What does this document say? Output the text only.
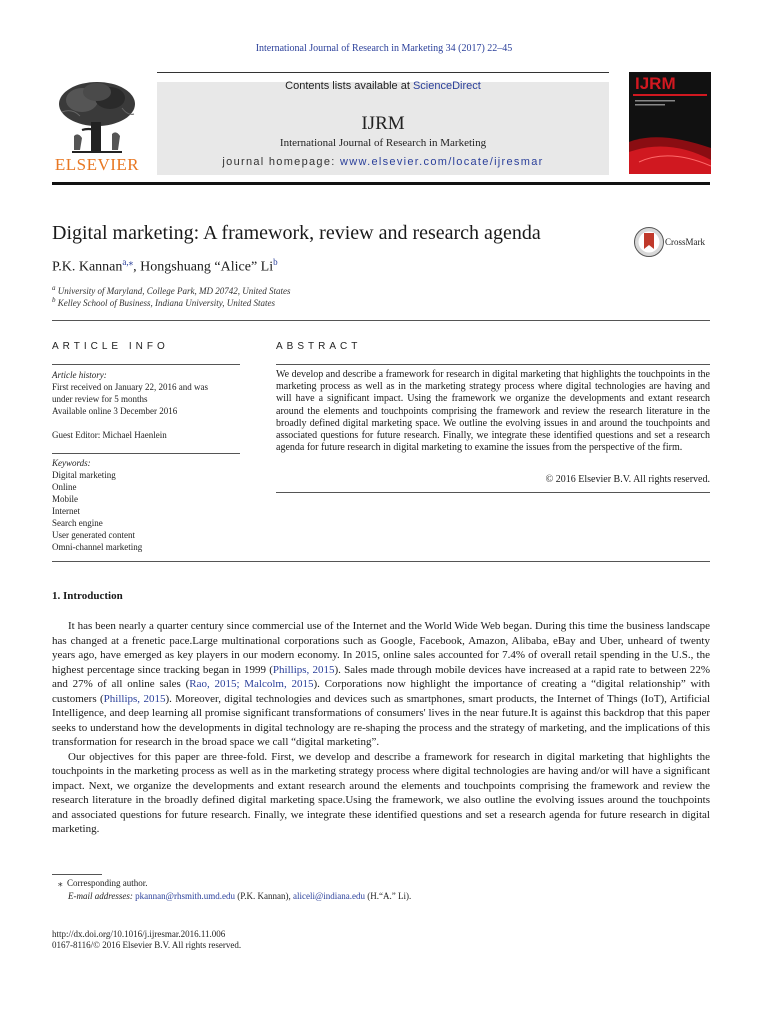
International Journal of Research in Marketing 34 (2017) 22–45
ELSEVIER
Contents lists available at ScienceDirect
IJRM
International Journal of Research in Marketing
journal homepage: www.elsevier.com/locate/ijresmar
IJRM
Digital marketing: A framework, review and research agenda	CrossMark
P.K. Kannan$^{a,⁎}$, Hongshuang “Alice” Li$^b$
$^a$ University of Maryland, College Park, MD 20742, United States
$^b$ Kelley School of Business, Indiana University, United States
ARTICLE INFO
Article history:
First received on January 22, 2016 and was
under review for 5 months
Available online 3 December 2016
Guest Editor: Michael Haenlein
Keywords:
Digital marketing
Online
Mobile
Internet
Search engine
User generated content
Omni-channel marketing
ABSTRACT
We develop and describe a framework for research in digital marketing that highlights the touchpoints in the marketing process as well as in the marketing strategy process where digital technologies are having and will have a significant impact. Using the framework we organize the developments and extant research around the elements and touchpoints comprising the framework and review the research literature in the broadly defined digital marketing space. We outline the evolving issues in and around the touchpoints and associated questions for future research. Finally, we integrate these identified questions and set a research agenda for future research in digital marketing to examine the issues from the perspective of the firm.
© 2016 Elsevier B.V. All rights reserved.
1. Introduction

It has been nearly a quarter century since commercial use of the Internet and the World Wide Web began. During this time the business landscape has changed at a frenetic pace.Large multinational corporations such as Google, Facebook, Amazon, Alibaba, eBay and Uber, unheard of twenty years ago, have emerged as key players in our modern economy. In 2015, online sales accounted for 7.4% of overall retail spending in the U.S., the highest percentage since tracking began in 1999 (Phillips, 2015). Sales made through mobile devices have increased at a rapid rate to between 22% and 27% of all online sales (Rao, 2015; Malcolm, 2015). Corporations now highlight the importance of creating a “digital relationship” with customers (Phillips, 2015). Moreover, digital technologies and devices such as smartphones, smart products, the Internet of Things (IoT), Artificial Intelligence, and deep learning all promise significant transformations of consumers' lives in the near future.It is against this backdrop that this paper seeks to understand how the developments in digital technology are re-shaping the process and the strategy of marketing, and the implications of this transformation for research in the broad space we call “digital marketing”.

Our objectives for this paper are three-fold. First, we develop and describe a framework for research in digital marketing that highlights the touchpoints in the marketing process as well as in the marketing strategy process where digital technologies are having and/or will have a significant impact. Next, we organize the developments and extant research around the elements and touchpoints comprising the framework and review the research literature in the broadly defined digital marketing space.Using the framework, we also outline the evolving issues around the touchpoints and associated questions for future research. Finally, we integrate these identified questions and set a research agenda for future research in digital marketing.

⁎ Corresponding author.
E-mail addresses: pkannan@rhsmith.umd.edu (P.K. Kannan), aliceli@indiana.edu (H.“A.” Li).
http://dx.doi.org/10.1016/j.ijresmar.2016.11.006
0167-8116/© 2016 Elsevier B.V. All rights reserved.
